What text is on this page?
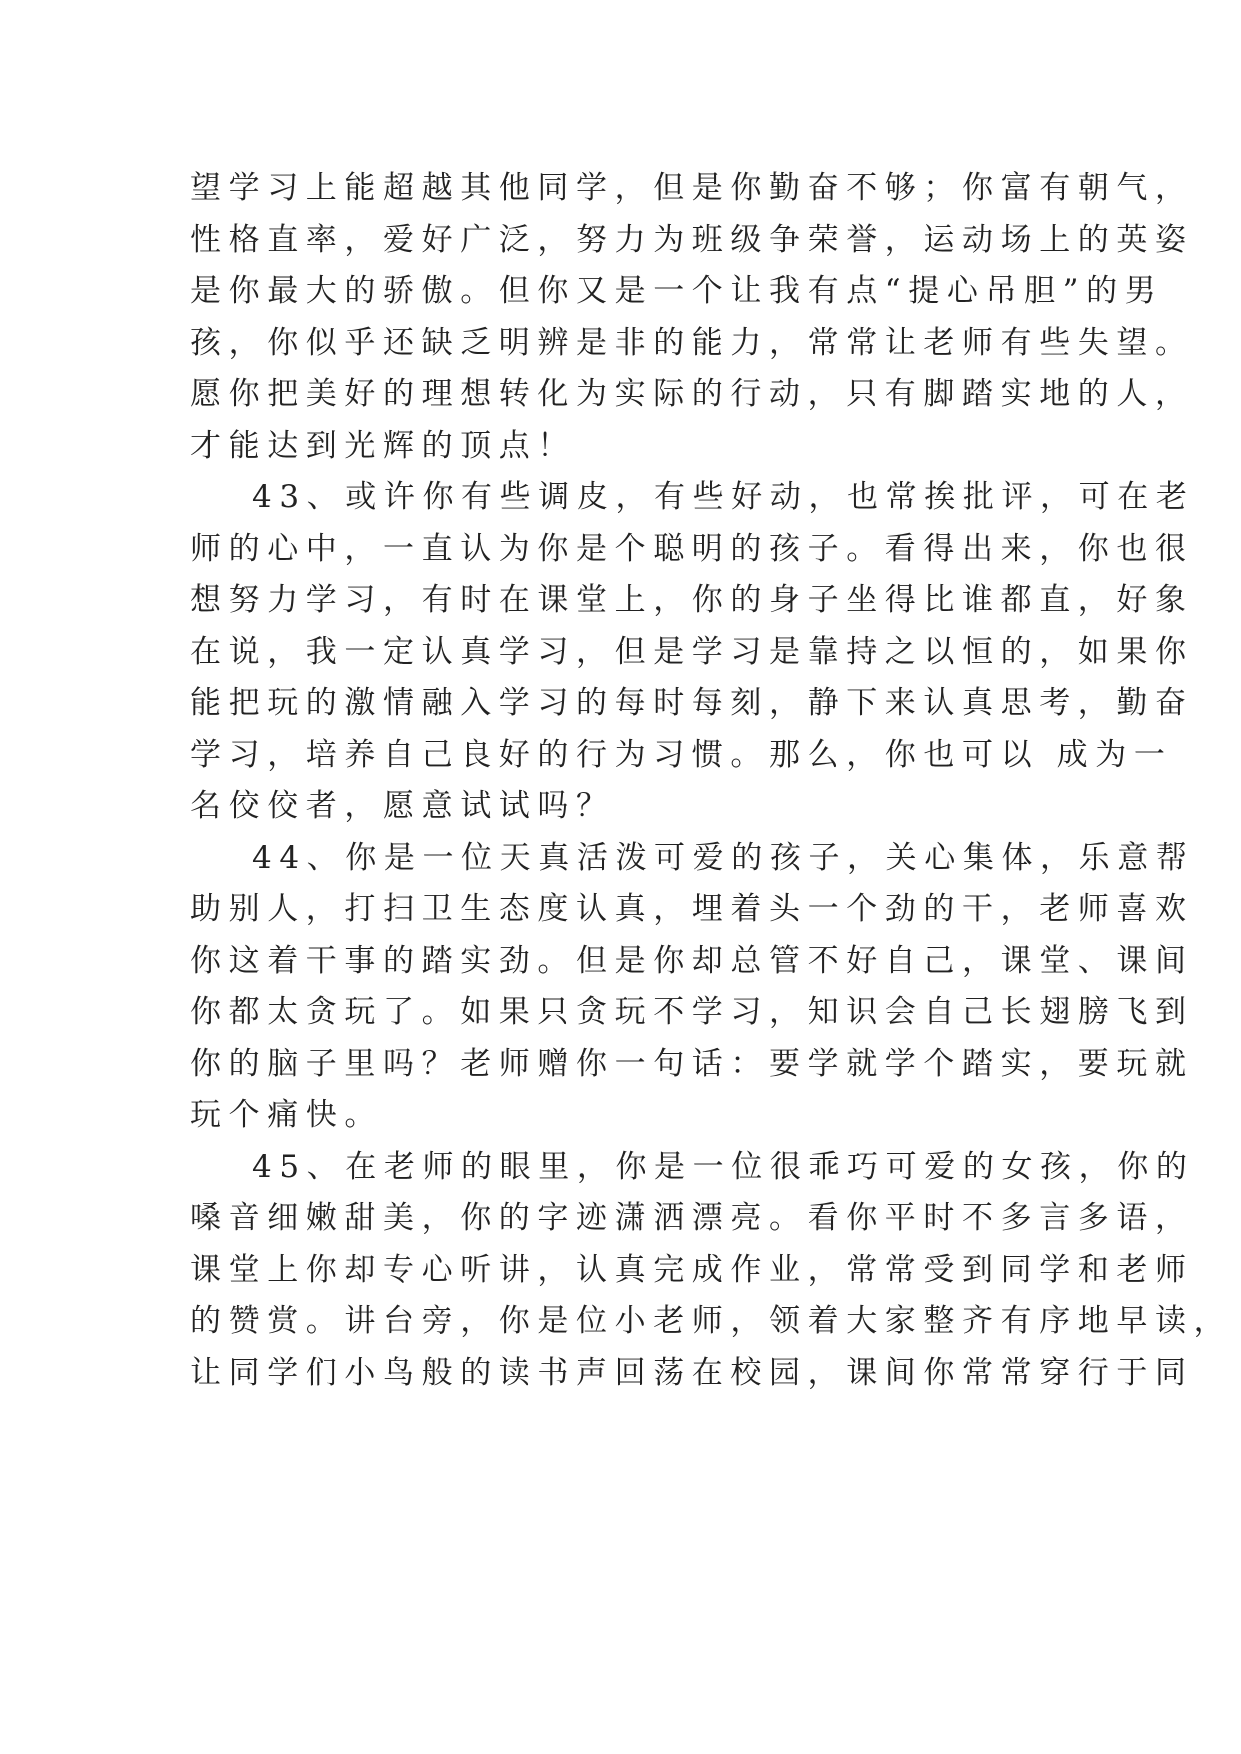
望学习上能超越其他同学，但是你勤奋不够；你富有朝气，
性格直率，爱好广泛，努力为班级争荣誉，运动场上的英姿
是你最大的骄傲。但你又是一个让我有点“提心吊胆”的男
孩，你似乎还缺乏明辨是非的能力，常常让老师有些失望。
愿你把美好的理想转化为实际的行动，只有脚踏实地的人，
才能达到光辉的顶点！
43、或许你有些调皮，有些好动，也常挨批评，可在老
师的心中，一直认为你是个聪明的孩子。看得出来，你也很
想努力学习，有时在课堂上，你的身子坐得比谁都直，好象
在说，我一定认真学习，但是学习是靠持之以恒的，如果你
能把玩的激情融入学习的每时每刻，静下来认真思考，勤奋
学习，培养自己良好的行为习惯。那么，你也可以 成为一
名佼佼者，愿意试试吗？
44、你是一位天真活泼可爱的孩子，关心集体，乐意帮
助别人，打扫卫生态度认真，埋着头一个劲的干，老师喜欢
你这着干事的踏实劲。但是你却总管不好自己，课堂、课间
你都太贪玩了。如果只贪玩不学习，知识会自己长翅膀飞到
你的脑子里吗？老师赠你一句话：要学就学个踏实，要玩就
玩个痛快。
45、在老师的眼里，你是一位很乖巧可爱的女孩，你的
嗓音细嫩甜美，你的字迹潇洒漂亮。看你平时不多言多语，
课堂上你却专心听讲，认真完成作业，常常受到同学和老师
的赞赏。讲台旁，你是位小老师，领着大家整齐有序地早读，
让同学们小鸟般的读书声回荡在校园，课间你常常穿行于同
